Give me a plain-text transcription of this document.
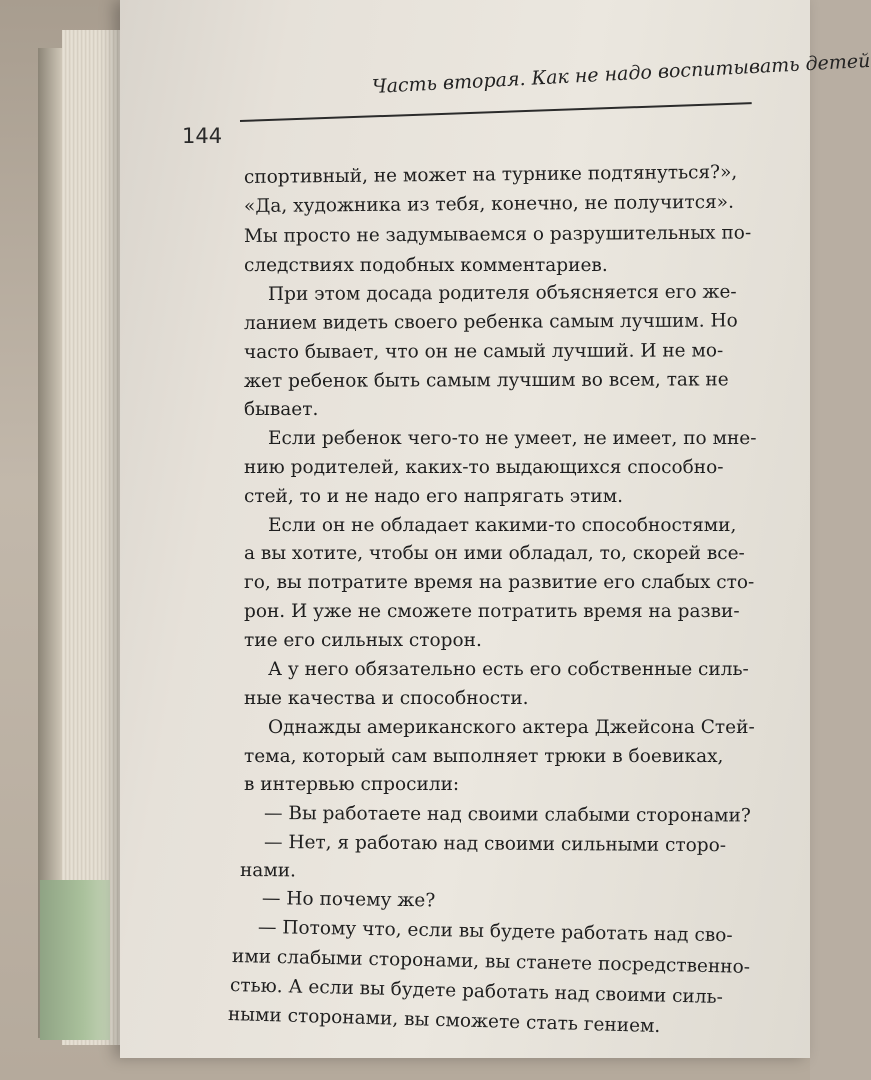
Часть вторая. Как не надо воспитывать детей
144
спортивный, не может на турнике подтянуться?»,
«Да, художника из тебя, конечно, не получится».
Мы просто не задумываемся о разрушительных по-
следствиях подобных комментариев.
При этом досада родителя объясняется его же-
ланием видеть своего ребенка самым лучшим. Но
часто бывает, что он не самый лучший. И не мо-
жет ребенок быть самым лучшим во всем, так не
бывает.
Если ребенок чего-то не умеет, не имеет, по мне-
нию родителей, каких-то выдающихся способно-
стей, то и не надо его напрягать этим.
Если он не обладает какими-то способностями,
а вы хотите, чтобы он ими обладал, то, скорей все-
го, вы потратите время на развитие его слабых сто-
рон. И уже не сможете потратить время на разви-
тие его сильных сторон.
А у него обязательно есть его собственные силь-
ные качества и способности.
Однажды американского актера Джейсона Стей-
тема, который сам выполняет трюки в боевиках,
в интервью спросили:
— Вы работаете над своими слабыми сторонами?
— Нет, я работаю над своими сильными сторо-
нами.
— Но почему же?
— Потому что, если вы будете работать над сво-
ими слабыми сторонами, вы станете посредственно-
стью. А если вы будете работать над своими силь-
ными сторонами, вы сможете стать гением.
